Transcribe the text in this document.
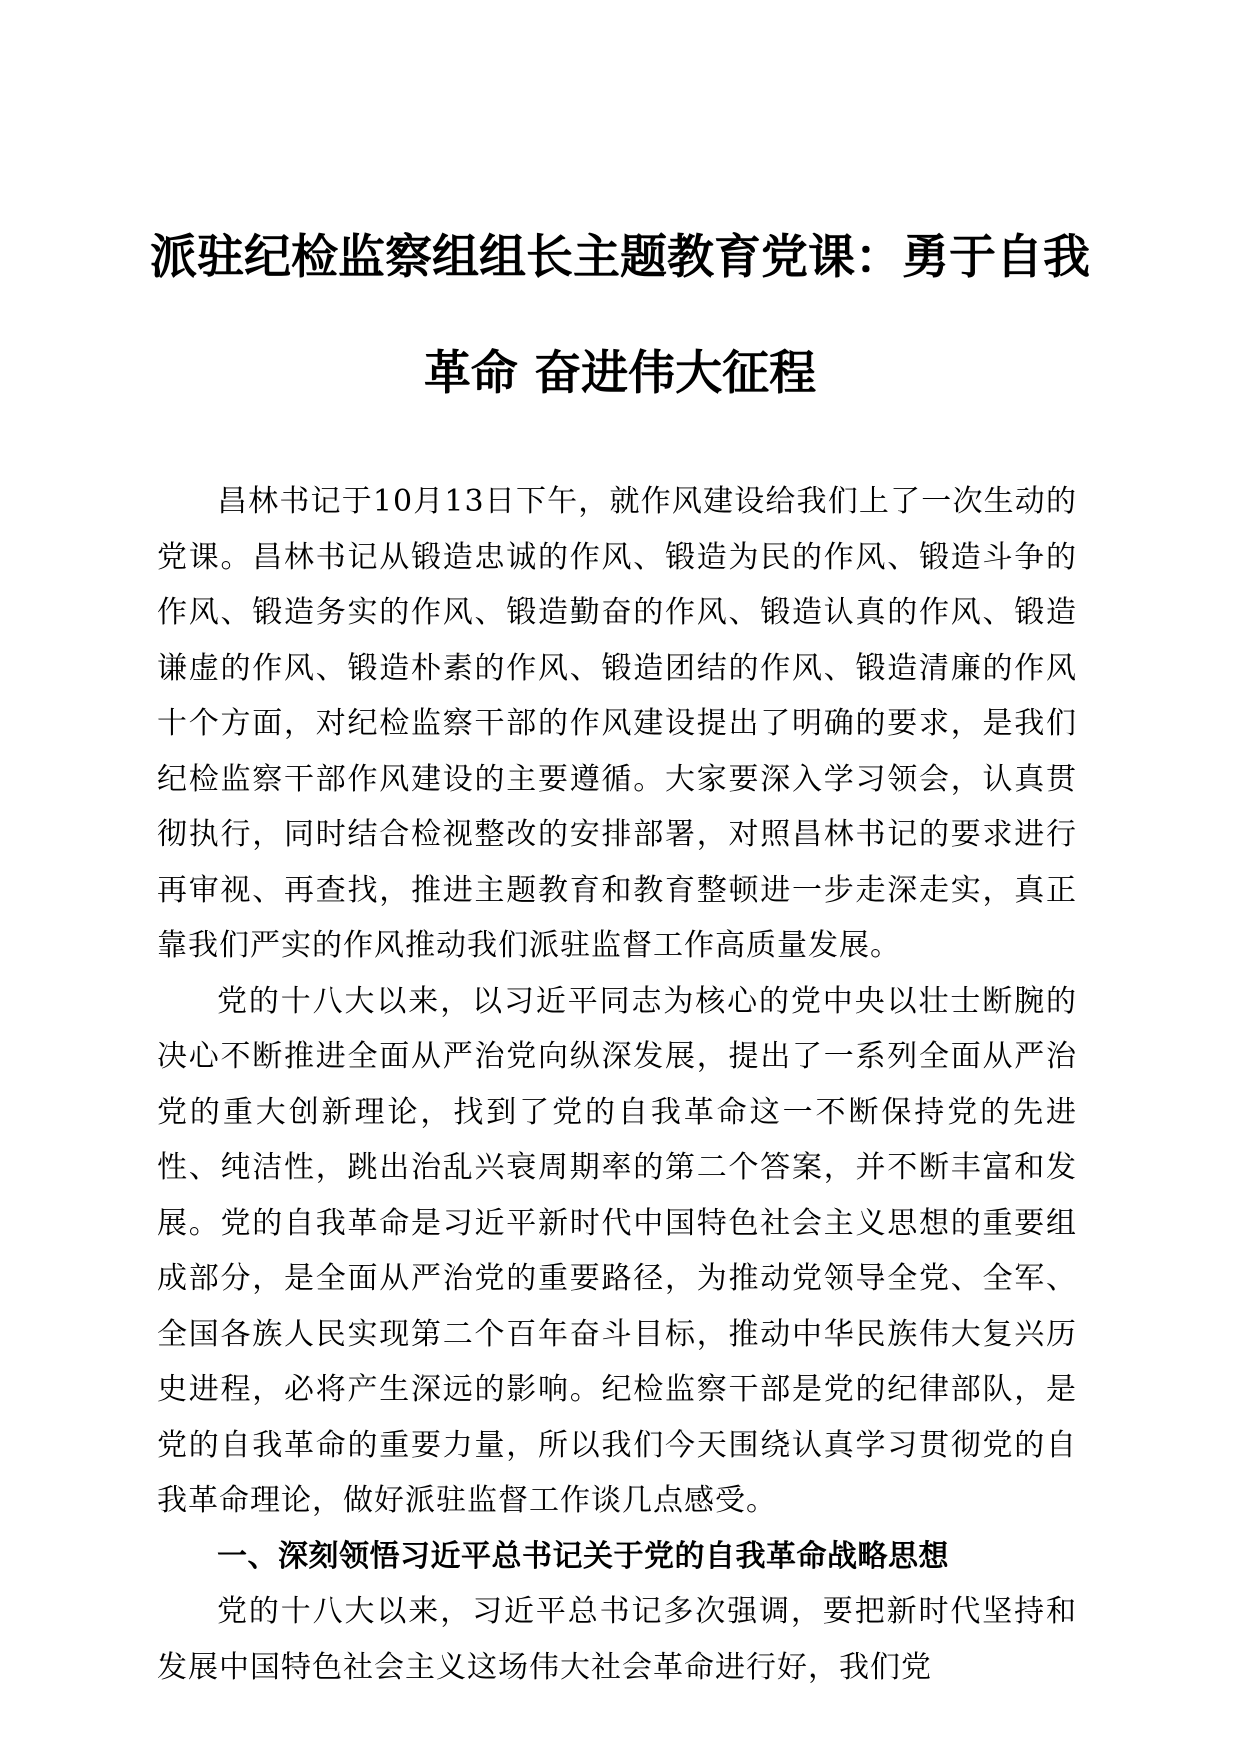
派驻纪检监察组组长主题教育党课：勇于自我
革命 奋进伟大征程

昌林书记于10月13日下午，就作风建设给我们上了一次生动的党课。昌林书记从锻造忠诚的作风、锻造为民的作风、锻造斗争的作风、锻造务实的作风、锻造勤奋的作风、锻造认真的作风、锻造谦虚的作风、锻造朴素的作风、锻造团结的作风、锻造清廉的作风十个方面，对纪检监察干部的作风建设提出了明确的要求，是我们纪检监察干部作风建设的主要遵循。大家要深入学习领会，认真贯彻执行，同时结合检视整改的安排部署，对照昌林书记的要求进行再审视、再查找，推进主题教育和教育整顿进一步走深走实，真正靠我们严实的作风推动我们派驻监督工作高质量发展。

党的十八大以来，以习近平同志为核心的党中央以壮士断腕的决心不断推进全面从严治党向纵深发展，提出了一系列全面从严治党的重大创新理论，找到了党的自我革命这一不断保持党的先进性、纯洁性，跳出治乱兴衰周期率的第二个答案，并不断丰富和发展。党的自我革命是习近平新时代中国特色社会主义思想的重要组成部分，是全面从严治党的重要路径，为推动党领导全党、全军、全国各族人民实现第二个百年奋斗目标，推动中华民族伟大复兴历史进程，必将产生深远的影响。纪检监察干部是党的纪律部队，是党的自我革命的重要力量，所以我们今天围绕认真学习贯彻党的自我革命理论，做好派驻监督工作谈几点感受。

一、深刻领悟习近平总书记关于党的自我革命战略思想

党的十八大以来，习近平总书记多次强调，要把新时代坚持和发展中国特色社会主义这场伟大社会革命进行好，我们党
